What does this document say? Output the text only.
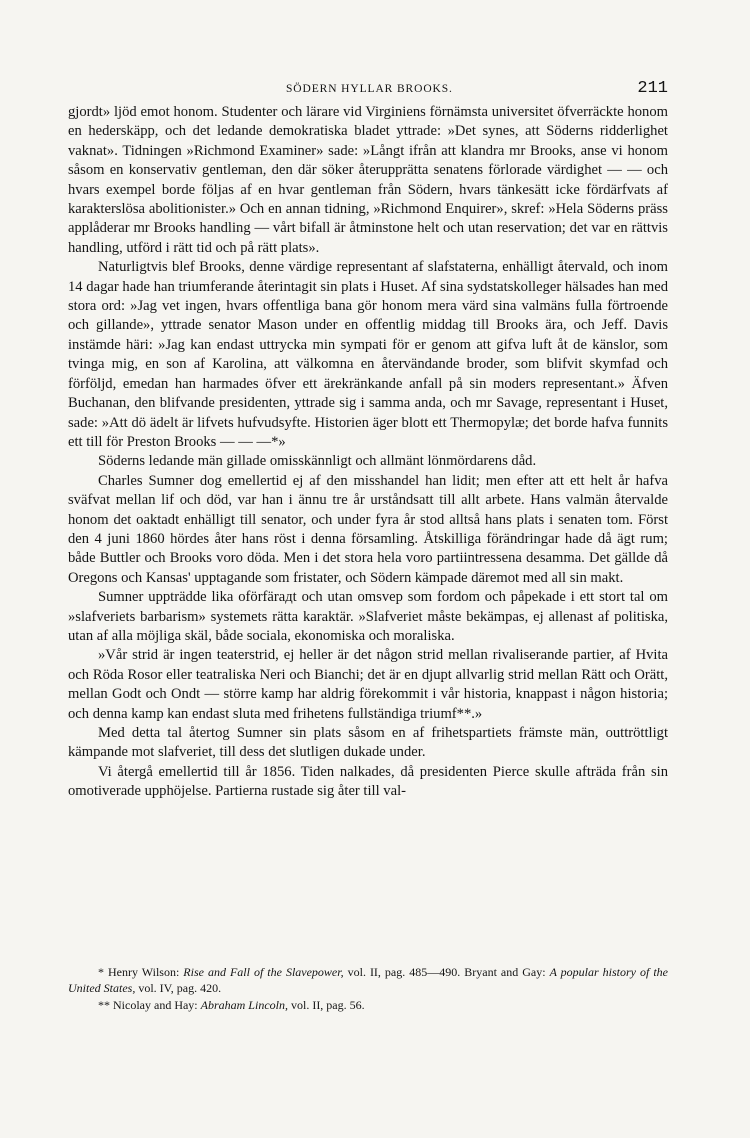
SÖDERN HYLLAR BROOKS.	211

gjordt» ljöd emot honom. Studenter och lärare vid Virginiens förnämsta universitet öfverräckte honom en hederskäpp, och det ledande demokratiska bladet yttrade: »Det synes, att Söderns ridderlighet vaknat». Tidningen »Richmond Examiner» sade: »Långt ifrån att klandra mr Brooks, anse vi honom såsom en konservativ gentleman, den där söker återupprätta senatens förlorade värdighet — — och hvars exempel borde följas af en hvar gentleman från Södern, hvars tänkesätt icke fördärfvats af karakterslösa abolitionister.» Och en annan tidning, »Richmond Enquirer», skref: »Hela Söderns präss applåderar mr Brooks handling — vårt bifall är åtminstone helt och utan reservation; det var en rättvis handling, utförd i rätt tid och på rätt plats».

Naturligtvis blef Brooks, denne värdige representant af slafstaterna, enhälligt återvald, och inom 14 dagar hade han triumferande återintagit sin plats i Huset. Af sina sydstatskolleger hälsades han med stora ord: »Jag vet ingen, hvars offentliga bana gör honom mera värd sina valmäns fulla förtroende och gillande», yttrade senator Mason under en offentlig middag till Brooks ära, och Jeff. Davis instämde häri: »Jag kan endast uttrycka min sympati för er genom att gifva luft åt de känslor, som tvinga mig, en son af Karolina, att välkomna en återvändande broder, som blifvit skymfad och förföljd, emedan han harmades öfver ett ärekränkande anfall på sin moders representant.» Äfven Buchanan, den blifvande presidenten, yttrade sig i samma anda, och mr Savage, representant i Huset, sade: »Att dö ädelt är lifvets hufvudsyfte. Historien äger blott ett Thermopylæ; det borde hafva funnits ett till för Preston Brooks — — —*»

Söderns ledande män gillade omisskännligt och allmänt lönmördarens dåd.

Charles Sumner dog emellertid ej af den misshandel han lidit; men efter att ett helt år hafva sväfvat mellan lif och död, var han i ännu tre år urståndsatt till allt arbete. Hans valmän återvalde honom det oaktadt enhälligt till senator, och under fyra år stod alltså hans plats i senaten tom. Först den 4 juni 1860 hördes åter hans röst i denna församling. Åtskilliga förändringar hade då ägt rum; både Buttler och Brooks voro döda. Men i det stora hela voro partiintressena desamma. Det gällde då Oregons och Kansas' upptagande som fristater, och Södern kämpade däremot med all sin makt.

Sumner uppträdde lika oförfärадt och utan omsvep som fordom och påpekade i ett stort tal om »slafveriets barbarism» systemets rätta karaktär. »Slafveriet måste bekämpas, ej allenast af politiska, utan af alla möjliga skäl, både sociala, ekonomiska och moraliska.

»Vår strid är ingen teaterstrid, ej heller är det någon strid mellan rivaliserande partier, af Hvita och Röda Rosor eller teatraliska Neri och Bianchi; det är en djupt allvarlig strid mellan Rätt och Orätt, mellan Godt och Ondt — större kamp har aldrig förekommit i vår historia, knappast i någon historia; och denna kamp kan endast sluta med frihetens fullständiga triumf**.»

Med detta tal återtog Sumner sin plats såsom en af frihetspartiets främste män, outtröttligt kämpande mot slafveriet, till dess det slutligen dukade under.

Vi återgå emellertid till år 1856. Tiden nalkades, då presidenten Pierce skulle afträda från sin omotiverade upphöjelse. Partierna rustade sig åter till val-

* Henry Wilson: Rise and Fall of the Slavepower, vol. II, pag. 485—490. Bryant and Gay: A popular history of the United States, vol. IV, pag. 420.

** Nicolay and Hay: Abraham Lincoln, vol. II, pag. 56.
